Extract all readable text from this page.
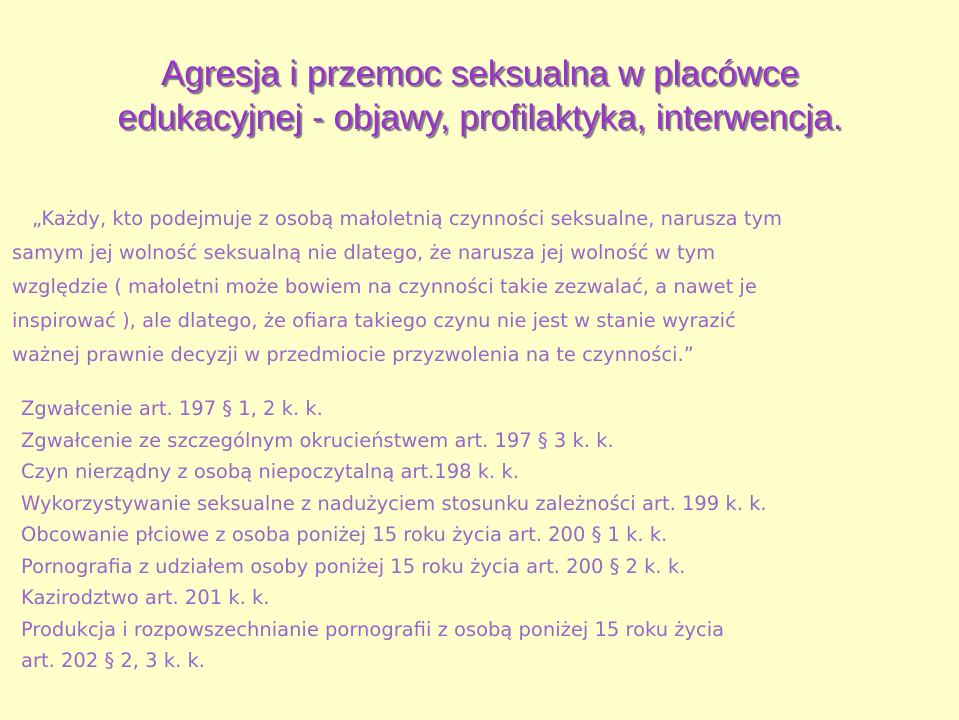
Agresja i przemoc seksualna w placówce
edukacyjnej - objawy, profilaktyka, interwencja.
„Każdy, kto podejmuje z osobą małoletnią czynności seksualne, narusza tym
samym jej wolność seksualną nie dlatego, że narusza jej wolność w tym
względzie ( małoletni może bowiem na czynności takie zezwalać, a nawet je
inspirować ), ale dlatego, że ofiara takiego czynu nie jest w stanie wyrazić
ważnej prawnie decyzji w przedmiocie przyzwolenia na te czynności.”
Zgwałcenie art. 197 § 1, 2 k. k.
Zgwałcenie ze szczególnym okrucieństwem art. 197 § 3 k. k.
Czyn nierządny z osobą niepoczytalną art.198 k. k.
Wykorzystywanie seksualne z nadużyciem stosunku zależności art. 199 k. k.
Obcowanie płciowe z osoba poniżej 15 roku życia art. 200 § 1 k. k.
Pornografia z udziałem osoby poniżej 15 roku życia art. 200 § 2 k. k.
Kazirodztwo art. 201 k. k.
Produkcja i rozpowszechnianie pornografii z osobą poniżej 15 roku życia
art. 202 § 2, 3 k. k.
